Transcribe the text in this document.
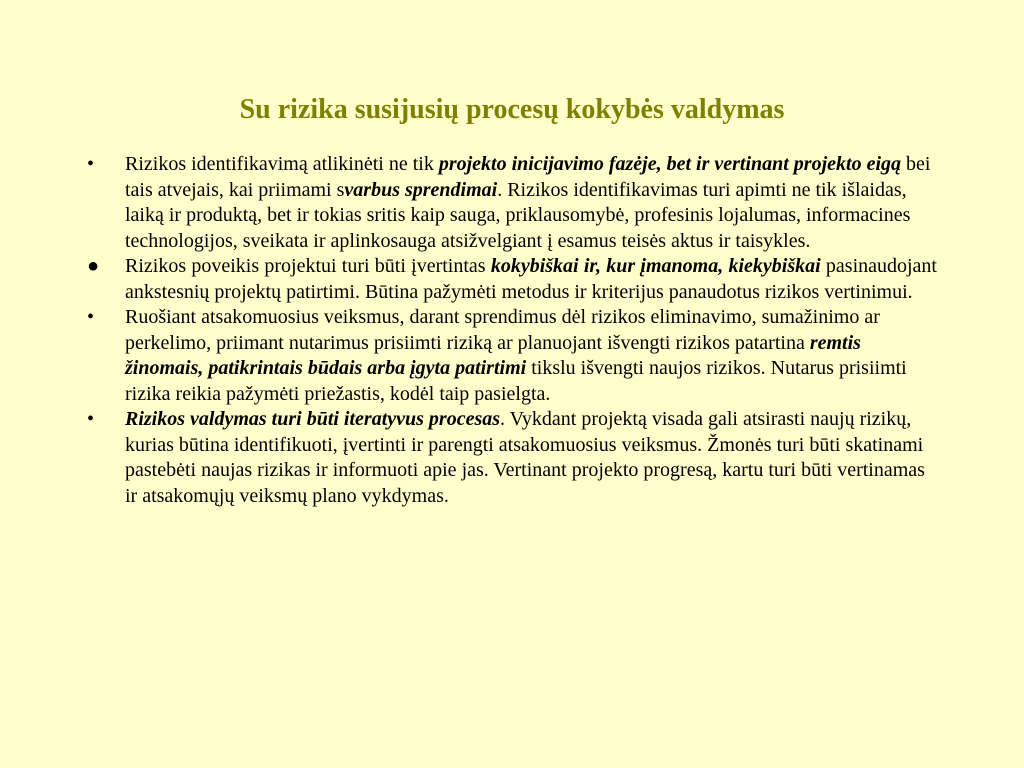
Su rizika susijusių procesų kokybės valdymas
•	Rizikos identifikavimą atlikinėti ne tik projekto inicijavimo fazėje, bet ir vertinant projekto eigą bei tais atvejais, kai priimami svarbus sprendimai. Rizikos identifikavimas turi apimti ne tik išlaidas, laiką ir produktą, bet ir tokias sritis kaip sauga, priklausomybė, profesinis lojalumas, informacines technologijos, sveikata ir aplinkosauga atsižvelgiant į esamus teisės aktus ir taisykles.
●	Rizikos poveikis projektui turi būti įvertintas kokybiškai ir, kur įmanoma, kiekybiškai pasinaudojant ankstesnių projektų patirtimi. Būtina pažymėti metodus ir kriterijus panaudotus rizikos vertinimui.
•	Ruošiant atsakomuosius veiksmus, darant sprendimus dėl rizikos eliminavimo, sumažinimo ar perkelimo, priimant nutarimus prisiimti riziką ar planuojant išvengti rizikos patartina remtis žinomais, patikrintais būdais arba įgyta patirtimi tikslu išvengti naujos rizikos. Nutarus prisiimti rizika reikia pažymėti priežastis, kodėl taip pasielgta.
•	Rizikos valdymas turi būti iteratyvus procesas. Vykdant projektą visada gali atsirasti naujų rizikų, kurias būtina identifikuoti, įvertinti ir parengti atsakomuosius veiksmus. Žmonės turi būti skatinami pastebėti naujas rizikas ir informuoti apie jas. Vertinant projekto progresą, kartu turi būti vertinamas ir atsakomųjų veiksmų plano vykdymas.
